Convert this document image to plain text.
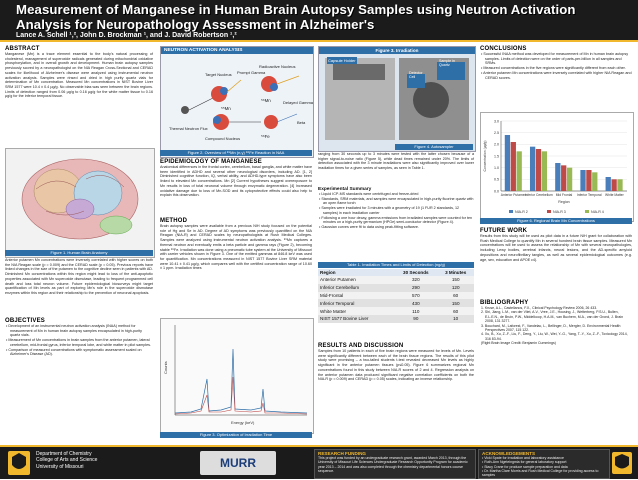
Measurement of Manganese in Human Brain Autopsy Samples using Neutron Activation Analysis for Neuropathology Assessment in Alzheimer's
Lance A. Schell ¹,², John D. Brockman ¹, and J. David Robertson ¹,²
ABSTRACT
Manganese (Mn) is a trace element essential to the body's natural processing of cholesterol, management of superoxide radicals generated during mitochondrial oxidative phosphorylation, and in overall growth and development. Human brain autopsy samples previously scored by a neuropathologist on the NIA Reagan Cross-Sectional and CERAD scales for likelihood of Alzheimer's disease were analyzed using instrumental neutron activation analysis. Samples were rinsed and dried in high purity quartz vials for determination of Mn concentration. Measured Mn concentrations in NIST Bovine Liver SRM 1577 were 10.4 ± 0.4 µg/g. No observable bias was seen between the brain regions. Limits of detection ranged from 0.06 µg/g to 0.16 µg/g for the white matter tissue to 0.16 µg/g for the inferior temporal tissue.
Figure 1. Human Brain Anatomy
Anterior putamen Mn concentrations were inversely correlated with higher scores on both the NIA Reagan scale (p = 0.009) and the CERAD scale (p = 0.05). Previous reports have linked changes in the size of the putamen to the cognitive decline seen in patients with AD. Diminished Mn concentrations within this region might lead to loss of the anti-apoptotic properties associated with Mn superoxide dismutase, leading to frequent programmed cell death and loss total neuron volume. Future epidemiological biosurveys might target quantification of Mn levels as part of exploring Mn's role in the superoxide dismutase enzymes within this region and their relationship to the prevention of neuronal apoptosis.
OBJECTIVES
• Development of an instrumental neutron activation analysis (INAA) method for measurement of Mn in human brain autopsy samples encapsulated in high-purity quartz vials.
• Measurement of Mn concentrations in brain samples from the anterior putamen, lateral cerebellum, mid-frontal gyrus, inferior temporal lobe, and white matter in pilot samples.
• Comparison of measured concentrations with symptomatic assessment scaled on Alzheimer's Disease (AD).
NEUTRON ACTIVATION ANALYSIS
Thermal Neutron Flux
Target Nucleus Prompt Gamma
Radioactive Nucleus
Compound Nucleus
Delayed Gamma
Beta
⁵⁵Mn
⁵⁶Mn
⁵⁶Fe
Figure 2. Overview of ⁵⁵Mn (n,γ) ⁵⁶Fe Reaction in NAA
EPIDEMIOLOGY OF MANGANESE
Anatomical differences in the frontal cortex, cerebellum, basal ganglia, and white matter have been identified in ADHD and several other neurological disorders, including AD. [1, 2] Diminished cognitive function, IQ, verbal ability, and ADHD-type symptoms have also been linked to elevated Mn concentrations. Mn [2] Current hypotheses suggest overexposure to Mn results in loss of total neuronal volume through enzymatic degeneration. [4] Increased oxidative damage due to loss of Mn-SOD and its cytoprotective effects could also help to explain this observation.
METHOD
Brain autopsy samples were available from a previous NIH study focused on the potential role of Hg and Se in AD. Degree of AD symptoms was previously quantified on the NIA Reagan (NIA-R) and CERAD scales by neuropathologists at Rush Medical Colleges. Samples were analyzed using instrumental neutron activation analysis. ⁵⁶Mn captures a thermal neutron and eventually emits a beta particle and gamma rays (Figure 2), becoming stable ⁵⁶Fe. Irradiation was done using a pneumatic tube system at the University of Missouri with carrier vehicles shown in Figure 3. One of the emitted gammas at 846.8 keV was used for quantification. Mn concentrations measured in NIST 1577 Bovine Liver SRM material were 10.41 ± 0.41 µg/g, which compares well with the certified concentration range of 10.60 ± 1 ppm. Irradiation times
Energy (keV)
Counts
Figure 3. Optimization of Irradiation Time
Figure 3. Irradiation
Capsule Holder
Detector Cell
Sample in Quartz
Figure 4. Autosampler
ranging from 30 seconds up to 3 minutes were tested with the latter chosen because of a higher signal-to-noise ratio (Figure 5), while dead times remained under 20%. The limits of detection associated with the 3 minute irradiations were also significantly improved over lower irradiation times for a given series of samples, as seen in Table 1.
Experimental Summary
• Liquid ICP-MS standards were centrifuged and freeze-dried
• Standards, SRM materials, and samples were encapsulated in high-purity fluorine quartz with an open flame torch
• Samples were irradiated for 3 minutes with a geometry of 19 (1 FUR 2 standards, 12 samples) in each irradiation carrier
• Following a one hour decay, gamma emissions from irradiated samples were counted for ten minutes on a high-purity germanium (HPGe) semi-conductor detector (Figure 4).
• Gaussian curves were fit to data using peak-fitting software.
Table 1. Irradiation Times and Limits of Detection (ng/g)
Region	30 Seconds	3 Minutes
Anterior Putamen	320	150
Inferior Cerebellum	290	120
Mid-Frontal	570	60
Inferior Temporal	430	150
White Matter	110	60
NIST 1577 Bovine Liver	90	10
RESULTS AND DISCUSSION
Samples from 10 patients in each of five brain regions were measured for levels of Mn. Levels were significantly different between each of the brain tissue regions. The results of this pilot study were promising – a two-tailed students t-test revealed decreased Mn levels as highly significant in the anterior putamen tissues (p≤0.05). Figure 6 summarizes regional Mn concentrations found in this study between NIA-R scores of 2 and 4. Regression analysis on the anterior putamen data produced significant negative correlation coefficients on both the NIA-R (p = 0.009) and CERAD (p = 0.05) scales, indicating an inverse relationship.
CONCLUSIONS
• Successful INAA method was developed for measurement of Mn in human brain autopsy samples. Limits of detection were on the order of parts-per-billion in all samples and SRMs.
• Measured concentrations in the five regions were significantly different from each other.
• Anterior putamen Mn concentrations were inversely correlated with higher NIA Reagan and CERAD scores.
0.0
0.5
1.0
1.5
2.0
2.5
3.0
Anterior Putamen
Inferior Cerebellum Mid Frontal Inferior Temporal White Matter
Concentration (µg/g)
Region
NIA-R 2	NIA-R 3	NIA-R 4
Figure 6. Regional Brain Mn Concentrations
FUTURE WORK
Results from this study will be used as pilot data in a future NIH grant for collaboration with Rush Medical College to quantify Mn in several hundred brain tissue samples. Measured Mn concentrations will be used to assess the relationship of Mn with several neuropathologies, including Lewy bodies, cerebral infarcts, neural lesions, and the AD-specific amyloid depositions and neurofibrillary tangles, as well as several epidemiological outcomes (e.g. age, sex, education and APOE ε4).
BIBLIOGRAPHY
1. Kruse, A.L., Castellanos, F.X., Clinical Psychology Review 2006, 26 433.
2. Shi, Jiang, L.M., van der Vliet, A.V., Vree, J.E., Housing, J., Wetterberg, P.S.U., Bullen, E.L.E.N., de Bruin, P.W., Middelkoop, H.A.M., van Buchem, M.A., van der Grond, J. Brain 2008, 131 3277.
3. Bouchard, M., Laforest, F., Vandelac, L., Bellinger, D., Mergler, D. Environmental Health Perspectives 2007, 115 122.
4. Xu, B., Xu, Z.-F., Liu, F., Deng, Y., Liu, W., Wei, Y.-G., Yang, T.-Y., Xu, Z.-F., Toxicology 2014, 316 83-94.
(Right Brain Image Credit: Benjamin Cummings)
Department of Chemistry
College of Arts and Science
University of Missouri	MURR
RESEARCH FUNDING
This project was funded by an undergraduate research grant, awarded March 2013, through the University of Missouri Life Sciences Undergraduate Research Opportunity Program for academic year 2013 – 2014 and was also completed through the chemistry departmental honors course sequence.
ACKNOWLEDGEMENTS
• Vicki Spate for irradiation and laboratory assistance
• Ruth-Ann Ngeteingmia for general laboratory support
• Stacy Crane for produce sample preparation and data
• Dr. Martha Clare Morris and Rush Medical College for providing access to samples
